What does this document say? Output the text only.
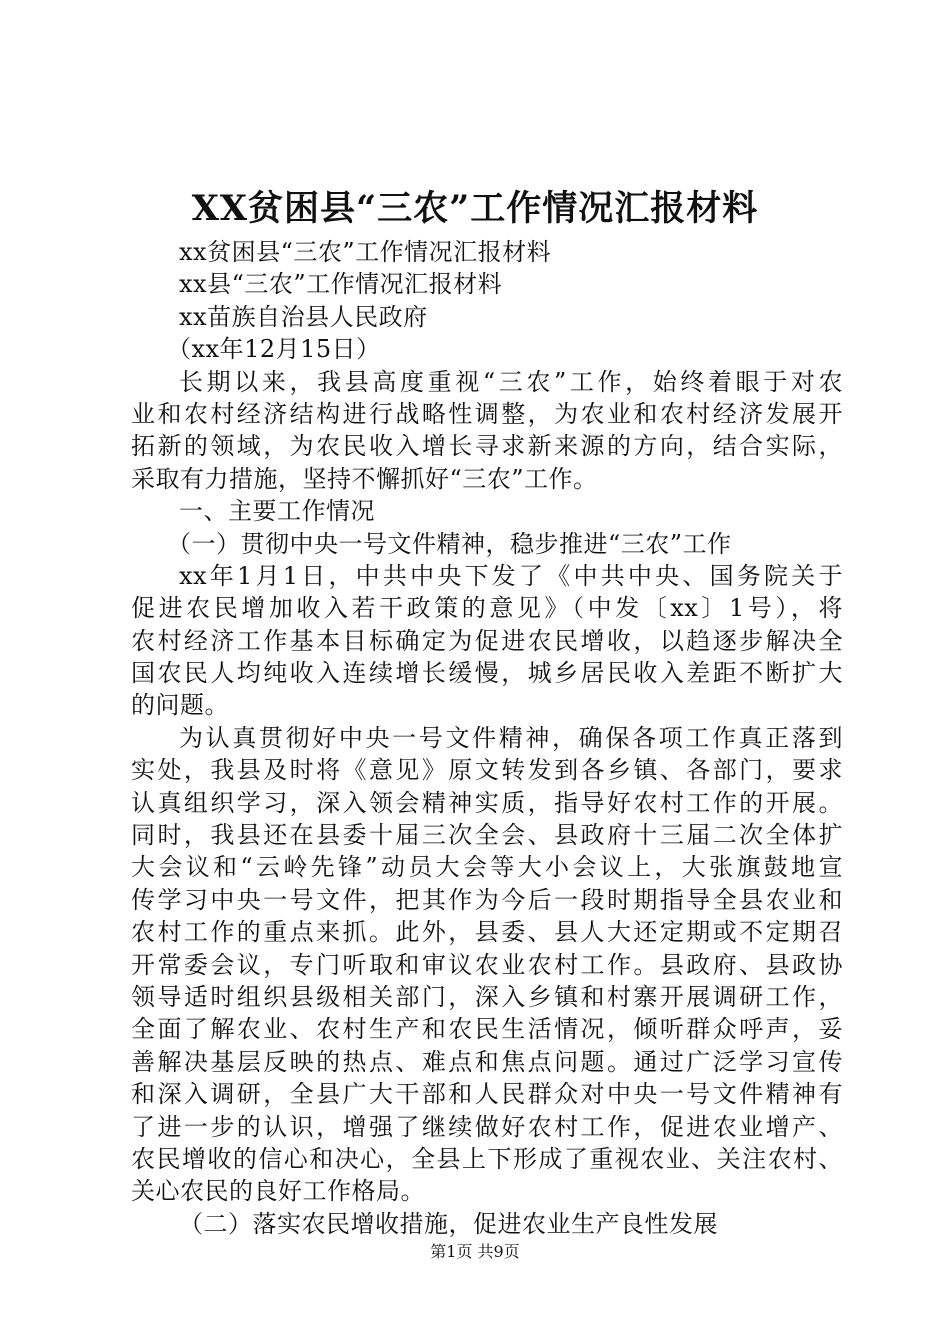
XX贫困县“三农”工作情况汇报材料
xx贫困县“三农”工作情况汇报材料
xx县“三农”工作情况汇报材料
xx苗族自治县人民政府
（xx年12月15日）
长期以来，我县高度重视“三农”工作，始终着眼于对农
业和农村经济结构进行战略性调整，为农业和农村经济发展开
拓新的领域，为农民收入增长寻求新来源的方向，结合实际，
采取有力措施，坚持不懈抓好“三农”工作。
一、主要工作情况
（一）贯彻中央一号文件精神，稳步推进“三农”工作
xx年1月1日，中共中央下发了《中共中央、国务院关于
促进农民增加收入若干政策的意见》（中发〔xx〕1号），将
农村经济工作基本目标确定为促进农民增收，以趋逐步解决全
国农民人均纯收入连续增长缓慢，城乡居民收入差距不断扩大
的问题。
为认真贯彻好中央一号文件精神，确保各项工作真正落到
实处，我县及时将《意见》原文转发到各乡镇、各部门，要求
认真组织学习，深入领会精神实质，指导好农村工作的开展。
同时，我县还在县委十届三次全会、县政府十三届二次全体扩
大会议和“云岭先锋”动员大会等大小会议上，大张旗鼓地宣
传学习中央一号文件，把其作为今后一段时期指导全县农业和
农村工作的重点来抓。此外，县委、县人大还定期或不定期召
开常委会议，专门听取和审议农业农村工作。县政府、县政协
领导适时组织县级相关部门，深入乡镇和村寨开展调研工作，
全面了解农业、农村生产和农民生活情况，倾听群众呼声，妥
善解决基层反映的热点、难点和焦点问题。通过广泛学习宣传
和深入调研，全县广大干部和人民群众对中央一号文件精神有
了进一步的认识，增强了继续做好农村工作，促进农业增产、
农民增收的信心和决心，全县上下形成了重视农业、关注农村、
关心农民的良好工作格局。
（二）落实农民增收措施，促进农业生产良性发展
第1页 共9页
